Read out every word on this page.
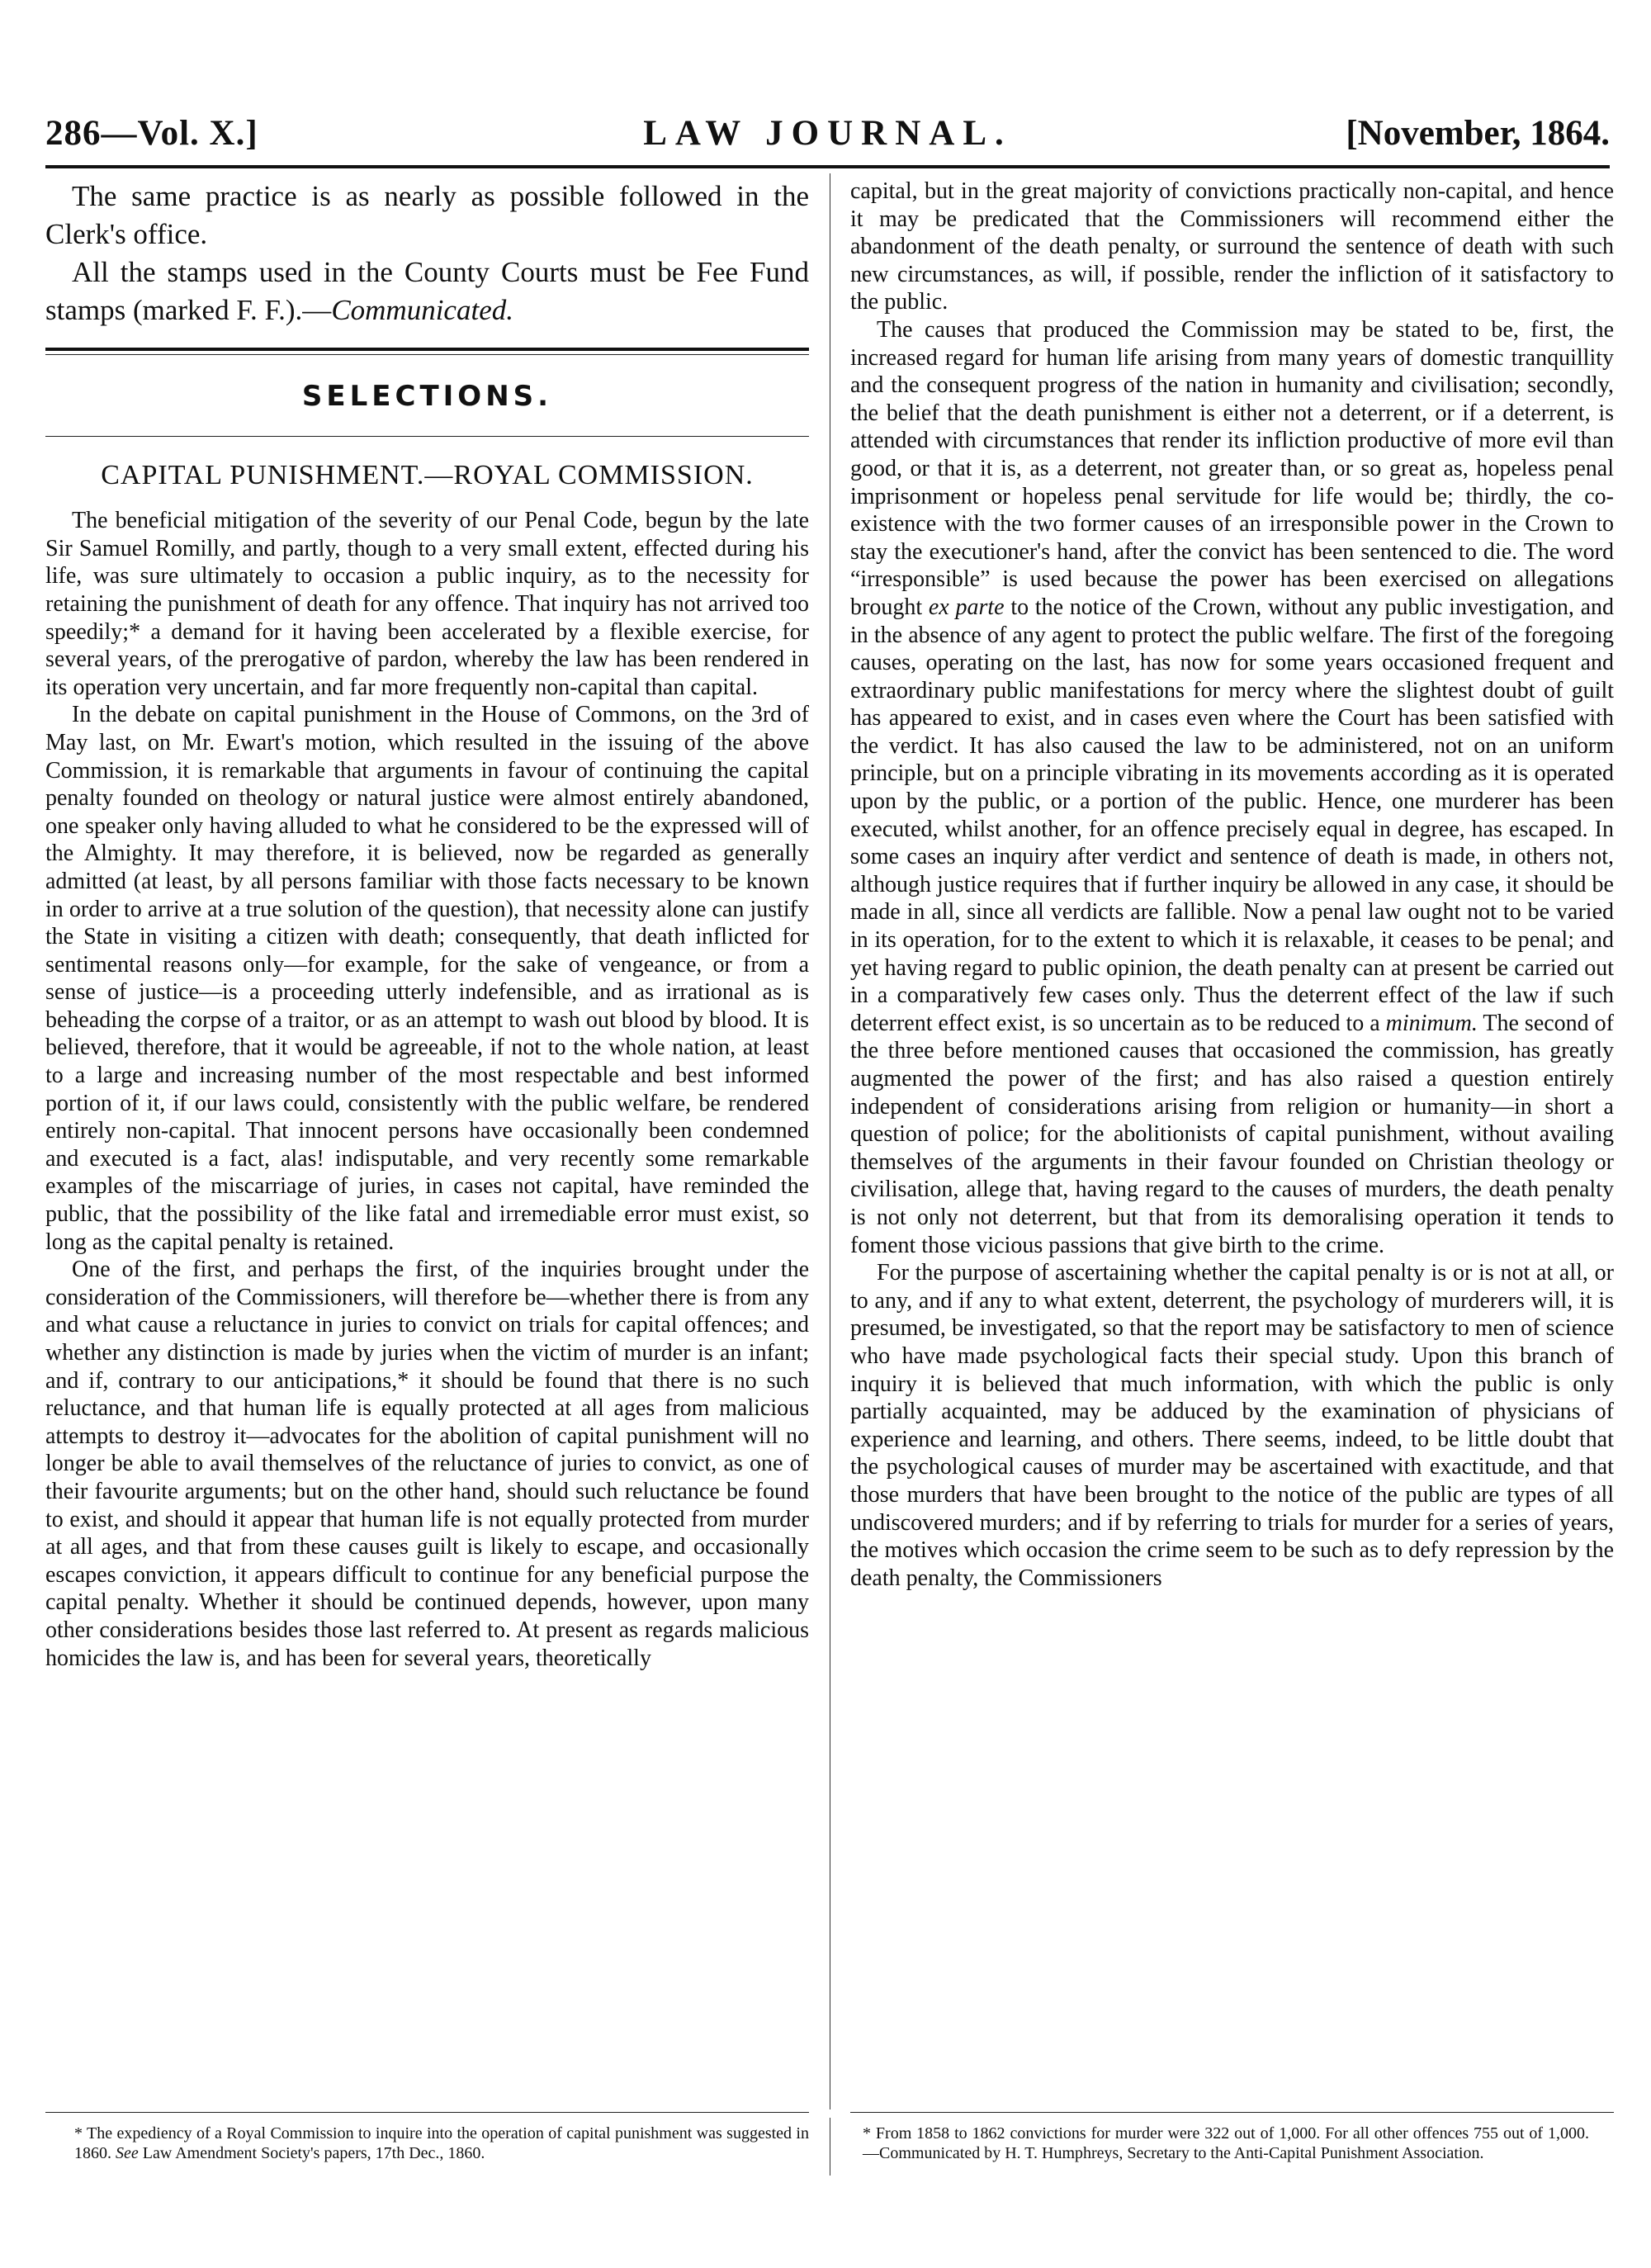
286—Vol. X.]	LAW JOURNAL.	[November, 1864.

The same practice is as nearly as possible followed in the Clerk's office.

All the stamps used in the County Courts must be Fee Fund stamps (marked F. F.).—Communicated.

SELECTIONS.
CAPITAL PUNISHMENT.—ROYAL COMMISSION.

The beneficial mitigation of the severity of our Penal Code, begun by the late Sir Samuel Romilly, and partly, though to a very small extent, effected during his life, was sure ultimately to occasion a public inquiry, as to the necessity for retaining the punishment of death for any offence. That inquiry has not arrived too speedily;* a demand for it having been accelerated by a flexible exercise, for several years, of the prerogative of pardon, whereby the law has been rendered in its operation very uncertain, and far more frequently non-capital than capital.

In the debate on capital punishment in the House of Commons, on the 3rd of May last, on Mr. Ewart's motion, which resulted in the issuing of the above Commission, it is remarkable that arguments in favour of continuing the capital penalty founded on theology or natural justice were almost entirely abandoned, one speaker only having alluded to what he considered to be the expressed will of the Almighty. It may therefore, it is believed, now be regarded as generally admitted (at least, by all persons familiar with those facts necessary to be known in order to arrive at a true solution of the question), that necessity alone can justify the State in visiting a citizen with death; consequently, that death inflicted for sentimental reasons only—for example, for the sake of vengeance, or from a sense of justice—is a proceeding utterly indefensible, and as irrational as is beheading the corpse of a traitor, or as an attempt to wash out blood by blood. It is believed, therefore, that it would be agreeable, if not to the whole nation, at least to a large and increasing number of the most respectable and best informed portion of it, if our laws could, consistently with the public welfare, be rendered entirely non-capital. That innocent persons have occasionally been condemned and executed is a fact, alas! indisputable, and very recently some remarkable examples of the miscarriage of juries, in cases not capital, have reminded the public, that the possibility of the like fatal and irremediable error must exist, so long as the capital penalty is retained.

One of the first, and perhaps the first, of the inquiries brought under the consideration of the Commissioners, will therefore be—whether there is from any and what cause a reluctance in juries to convict on trials for capital offences; and whether any distinction is made by juries when the victim of murder is an infant; and if, contrary to our anticipations,* it should be found that there is no such reluctance, and that human life is equally protected at all ages from malicious attempts to destroy it—advocates for the abolition of capital punishment will no longer be able to avail themselves of the reluctance of juries to convict, as one of their favourite arguments; but on the other hand, should such reluctance be found to exist, and should it appear that human life is not equally protected from murder at all ages, and that from these causes guilt is likely to escape, and occasionally escapes conviction, it appears difficult to continue for any beneficial purpose the capital penalty. Whether it should be continued depends, however, upon many other considerations besides those last referred to. At present as regards malicious homicides the law is, and has been for several years, theoretically

capital, but in the great majority of convictions practically non-capital, and hence it may be predicated that the Commissioners will recommend either the abandonment of the death penalty, or surround the sentence of death with such new circumstances, as will, if possible, render the infliction of it satisfactory to the public.

The causes that produced the Commission may be stated to be, first, the increased regard for human life arising from many years of domestic tranquillity and the consequent progress of the nation in humanity and civilisation; secondly, the belief that the death punishment is either not a deterrent, or if a deterrent, is attended with circumstances that render its infliction productive of more evil than good, or that it is, as a deterrent, not greater than, or so great as, hopeless penal imprisonment or hopeless penal servitude for life would be; thirdly, the co-existence with the two former causes of an irresponsible power in the Crown to stay the executioner's hand, after the convict has been sentenced to die. The word “irresponsible” is used because the power has been exercised on allegations brought ex parte to the notice of the Crown, without any public investigation, and in the absence of any agent to protect the public welfare. The first of the foregoing causes, operating on the last, has now for some years occasioned frequent and extraordinary public manifestations for mercy where the slightest doubt of guilt has appeared to exist, and in cases even where the Court has been satisfied with the verdict. It has also caused the law to be administered, not on an uniform principle, but on a principle vibrating in its movements according as it is operated upon by the public, or a portion of the public. Hence, one murderer has been executed, whilst another, for an offence precisely equal in degree, has escaped. In some cases an inquiry after verdict and sentence of death is made, in others not, although justice requires that if further inquiry be allowed in any case, it should be made in all, since all verdicts are fallible. Now a penal law ought not to be varied in its operation, for to the extent to which it is relaxable, it ceases to be penal; and yet having regard to public opinion, the death penalty can at present be carried out in a comparatively few cases only. Thus the deterrent effect of the law if such deterrent effect exist, is so uncertain as to be reduced to a minimum. The second of the three before mentioned causes that occasioned the commission, has greatly augmented the power of the first; and has also raised a question entirely independent of considerations arising from religion or humanity—in short a question of police; for the abolitionists of capital punishment, without availing themselves of the arguments in their favour founded on Christian theology or civilisation, allege that, having regard to the causes of murders, the death penalty is not only not deterrent, but that from its demoralising operation it tends to foment those vicious passions that give birth to the crime.

For the purpose of ascertaining whether the capital penalty is or is not at all, or to any, and if any to what extent, deterrent, the psychology of murderers will, it is presumed, be investigated, so that the report may be satisfactory to men of science who have made psychological facts their special study. Upon this branch of inquiry it is believed that much information, with which the public is only partially acquainted, may be adduced by the examination of physicians of experience and learning, and others. There seems, indeed, to be little doubt that the psychological causes of murder may be ascertained with exactitude, and that those murders that have been brought to the notice of the public are types of all undiscovered murders; and if by referring to trials for murder for a series of years, the motives which occasion the crime seem to be such as to defy repression by the death penalty, the Commissioners

* The expediency of a Royal Commission to inquire into the operation of capital punishment was suggested in 1860. See Law Amendment Society's papers, 17th Dec., 1860.
* From 1858 to 1862 convictions for murder were 322 out of 1,000. For all other offences 755 out of 1,000.—Communicated by H. T. Humphreys, Secretary to the Anti-Capital Punishment Association.
